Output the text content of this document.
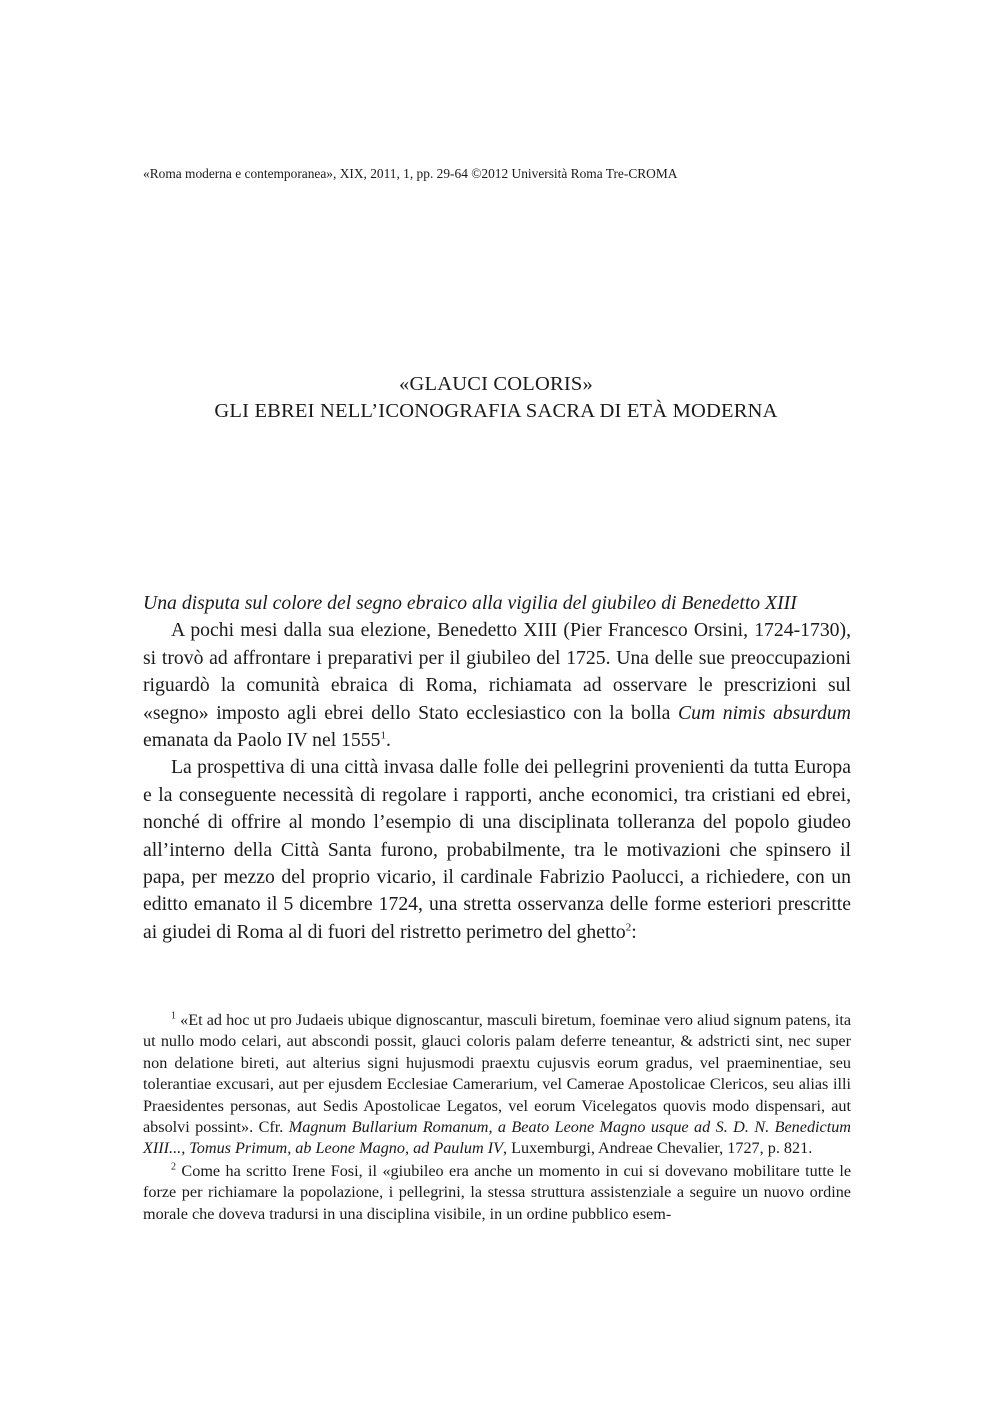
«Roma moderna e contemporanea», XIX, 2011, 1, pp. 29-64 ©2012 Università Roma Tre-CROMA
«GLAUCI COLORIS»
GLI EBREI NELL’ICONOGRAFIA SACRA DI ETÀ MODERNA

Una disputa sul colore del segno ebraico alla vigilia del giubileo di Benedetto XIII

A pochi mesi dalla sua elezione, Benedetto XIII (Pier Francesco Orsini, 1724-1730), si trovò ad affrontare i preparativi per il giubileo del 1725. Una delle sue preoccupazioni riguardò la comunità ebraica di Roma, richiamata ad osservare le prescrizioni sul «segno» imposto agli ebrei dello Stato ecclesiastico con la bolla Cum nimis absurdum emanata da Paolo IV nel 1555$^1$.

La prospettiva di una città invasa dalle folle dei pellegrini provenienti da tutta Europa e la conseguente necessità di regolare i rapporti, anche economici, tra cristiani ed ebrei, nonché di offrire al mondo l’esempio di una disciplinata tolleranza del popolo giudeo all’interno della Città Santa furono, probabilmente, tra le motivazioni che spinsero il papa, per mezzo del proprio vicario, il cardinale Fabrizio Paolucci, a richiedere, con un editto emanato il 5 dicembre 1724, una stretta osservanza delle forme esteriori prescritte ai giudei di Roma al di fuori del ristretto perimetro del ghetto$^2$:

$^1$ «Et ad hoc ut pro Judaeis ubique dignoscantur, masculi biretum, foeminae vero aliud signum patens, ita ut nullo modo celari, aut abscondi possit, glauci coloris palam deferre teneantur, & adstricti sint, nec super non delatione bireti, aut alterius signi hujusmodi praextu cujusvis eorum gradus, vel praeminentiae, seu tolerantiae excusari, aut per ejusdem Ecclesiae Camerarium, vel Camerae Apostolicae Clericos, seu alias illi Praesidentes personas, aut Sedis Apostolicae Legatos, vel eorum Vicelegatos quovis modo dispensari, aut absolvi possint». Cfr. Magnum Bullarium Romanum, a Beato Leone Magno usque ad S. D. N. Benedictum XIII..., Tomus Primum, ab Leone Magno, ad Paulum IV, Luxemburgi, Andreae Chevalier, 1727, p. 821.

$^2$ Come ha scritto Irene Fosi, il «giubileo era anche un momento in cui si dovevano mobilitare tutte le forze per richiamare la popolazione, i pellegrini, la stessa struttura assistenziale a seguire un nuovo ordine morale che doveva tradursi in una disciplina visibile, in un ordine pubblico esem-
